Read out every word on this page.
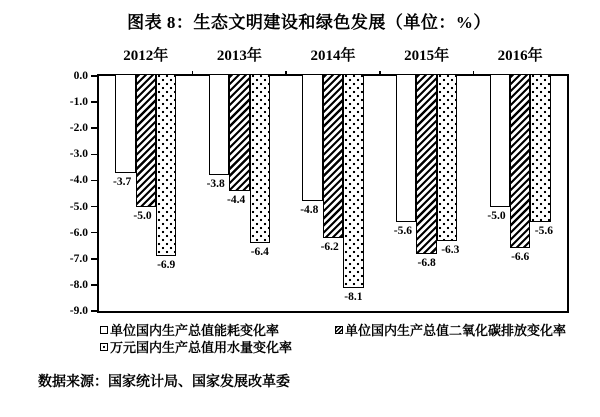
图表 8：生态文明建设和绿色发展（单位：%）
2012年	2013年	2014年	2015年	2016年
0.0
-1.0
-2.0
-3.0
-4.0
-5.0
-6.0
-7.0
-8.0
-9.0
-3.7
-5.0
-6.9
-3.8
-4.4
-6.4
-4.8
-6.2
-8.1
-5.6
-6.8
-6.3
-5.0
-6.6
-5.6
单位国内生产总值能耗变化率	单位国内生产总值二氧化碳排放变化率
万元国内生产总值用水量变化率
数据来源：国家统计局、国家发展改革委
